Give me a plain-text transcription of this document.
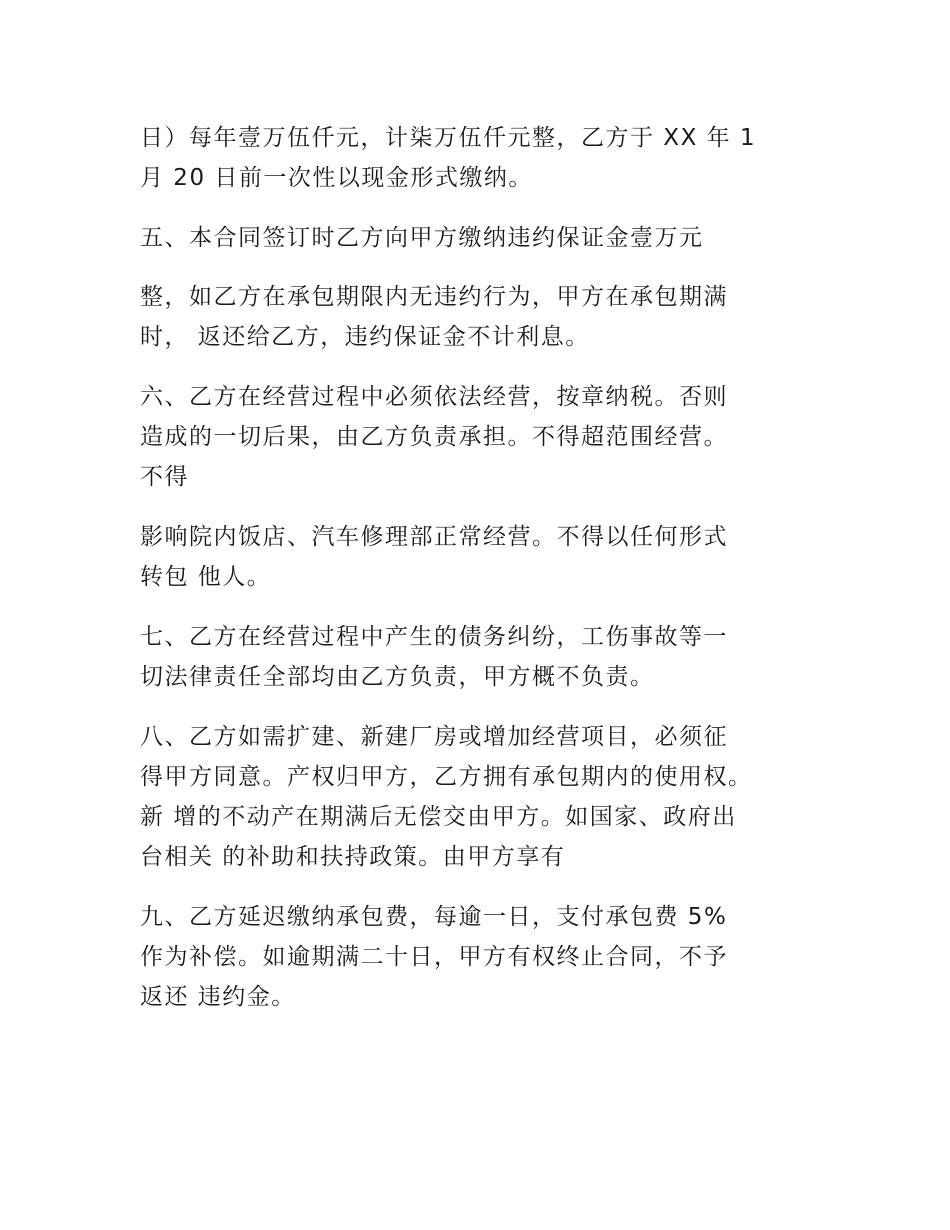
日）每年壹万伍仟元，计柒万伍仟元整，乙方于 XX 年 1
月 20 日前一次性以现金形式缴纳。

五、本合同签订时乙方向甲方缴纳违约保证金壹万元

整，如乙方在承包期限内无违约行为，甲方在承包期满
时， 返还给乙方，违约保证金不计利息。

六、乙方在经营过程中必须依法经营，按章纳税。否则
造成的一切后果，由乙方负责承担。不得超范围经营。
不得

影响院内饭店、汽车修理部正常经营。不得以任何形式
转包 他人。

七、乙方在经营过程中产生的债务纠纷，工伤事故等一
切法律责任全部均由乙方负责，甲方概不负责。

八、乙方如需扩建、新建厂房或增加经营项目，必须征
得甲方同意。产权归甲方，乙方拥有承包期内的使用权。
新 增的不动产在期满后无偿交由甲方。如国家、政府出
台相关 的补助和扶持政策。由甲方享有

九、乙方延迟缴纳承包费，每逾一日，支付承包费 5%
作为补偿。如逾期满二十日，甲方有权终止合同，不予
返还 违约金。
